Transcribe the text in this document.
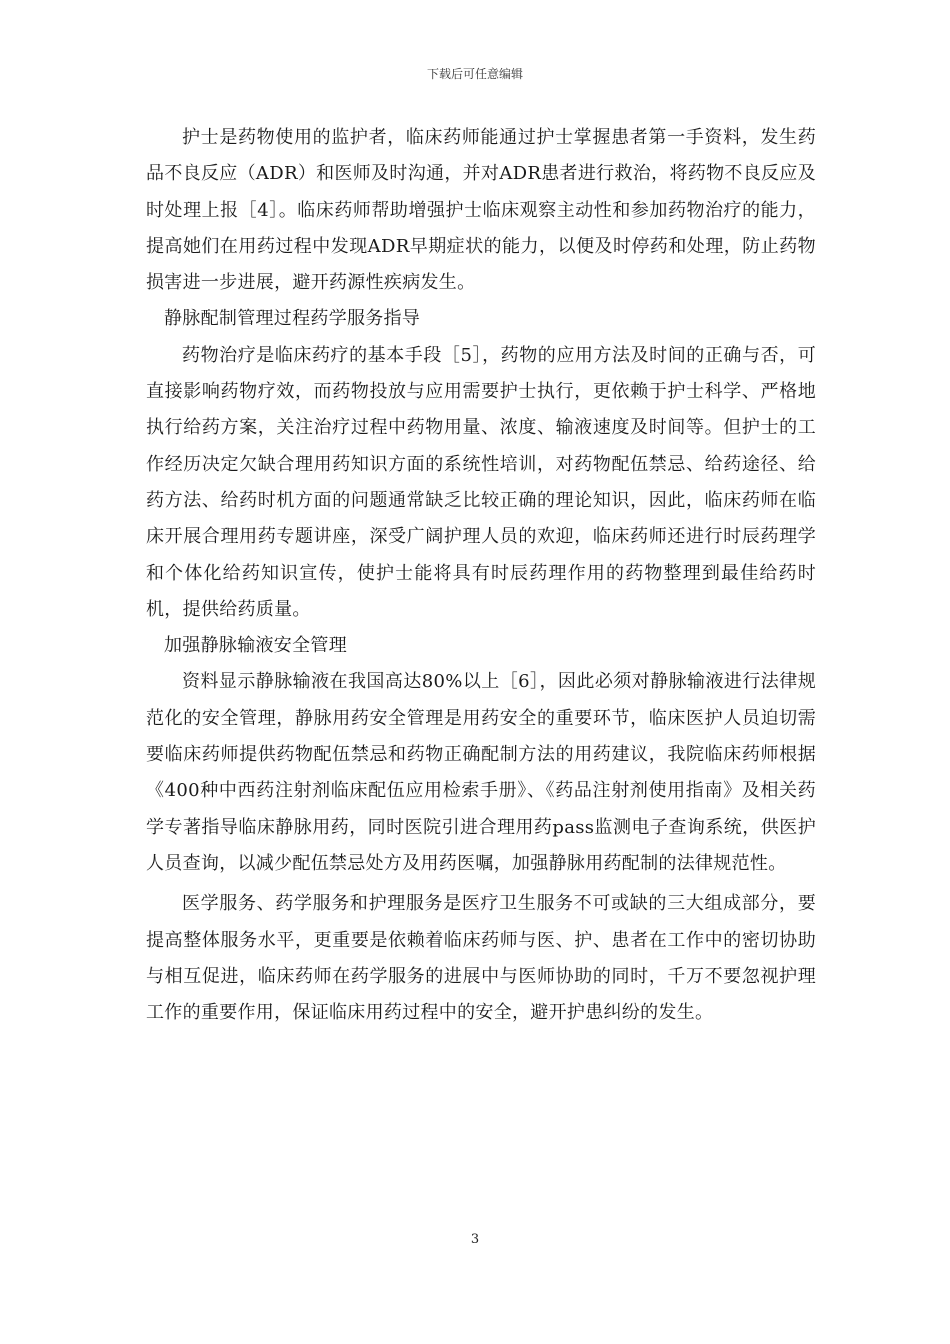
下载后可任意编辑

护士是药物使用的监护者，临床药师能通过护士掌握患者第一手资料，发生药品不良反应（ADR）和医师及时沟通，并对ADR患者进行救治，将药物不良反应及时处理上报［4］。临床药师帮助增强护士临床观察主动性和参加药物治疗的能力，提高她们在用药过程中发现ADR早期症状的能力，以便及时停药和处理，防止药物损害进一步进展，避开药源性疾病发生。

静脉配制管理过程药学服务指导

药物治疗是临床药疗的基本手段［5］，药物的应用方法及时间的正确与否，可直接影响药物疗效，而药物投放与应用需要护士执行，更依赖于护士科学、严格地执行给药方案，关注治疗过程中药物用量、浓度、输液速度及时间等。但护士的工作经历决定欠缺合理用药知识方面的系统性培训，对药物配伍禁忌、给药途径、给药方法、给药时机方面的问题通常缺乏比较正确的理论知识，因此，临床药师在临床开展合理用药专题讲座，深受广阔护理人员的欢迎，临床药师还进行时辰药理学和个体化给药知识宣传，使护士能将具有时辰药理作用的药物整理到最佳给药时机，提供给药质量。

加强静脉输液安全管理

资料显示静脉输液在我国高达80%以上［6］，因此必须对静脉输液进行法律规范化的安全管理，静脉用药安全管理是用药安全的重要环节，临床医护人员迫切需要临床药师提供药物配伍禁忌和药物正确配制方法的用药建议，我院临床药师根据《400种中西药注射剂临床配伍应用检索手册》、《药品注射剂使用指南》及相关药学专著指导临床静脉用药，同时医院引进合理用药pass监测电子查询系统，供医护人员查询，以减少配伍禁忌处方及用药医嘱，加强静脉用药配制的法律规范性。

医学服务、药学服务和护理服务是医疗卫生服务不可或缺的三大组成部分，要提高整体服务水平，更重要是依赖着临床药师与医、护、患者在工作中的密切协助与相互促进，临床药师在药学服务的进展中与医师协助的同时，千万不要忽视护理工作的重要作用，保证临床用药过程中的安全，避开护患纠纷的发生。

3
